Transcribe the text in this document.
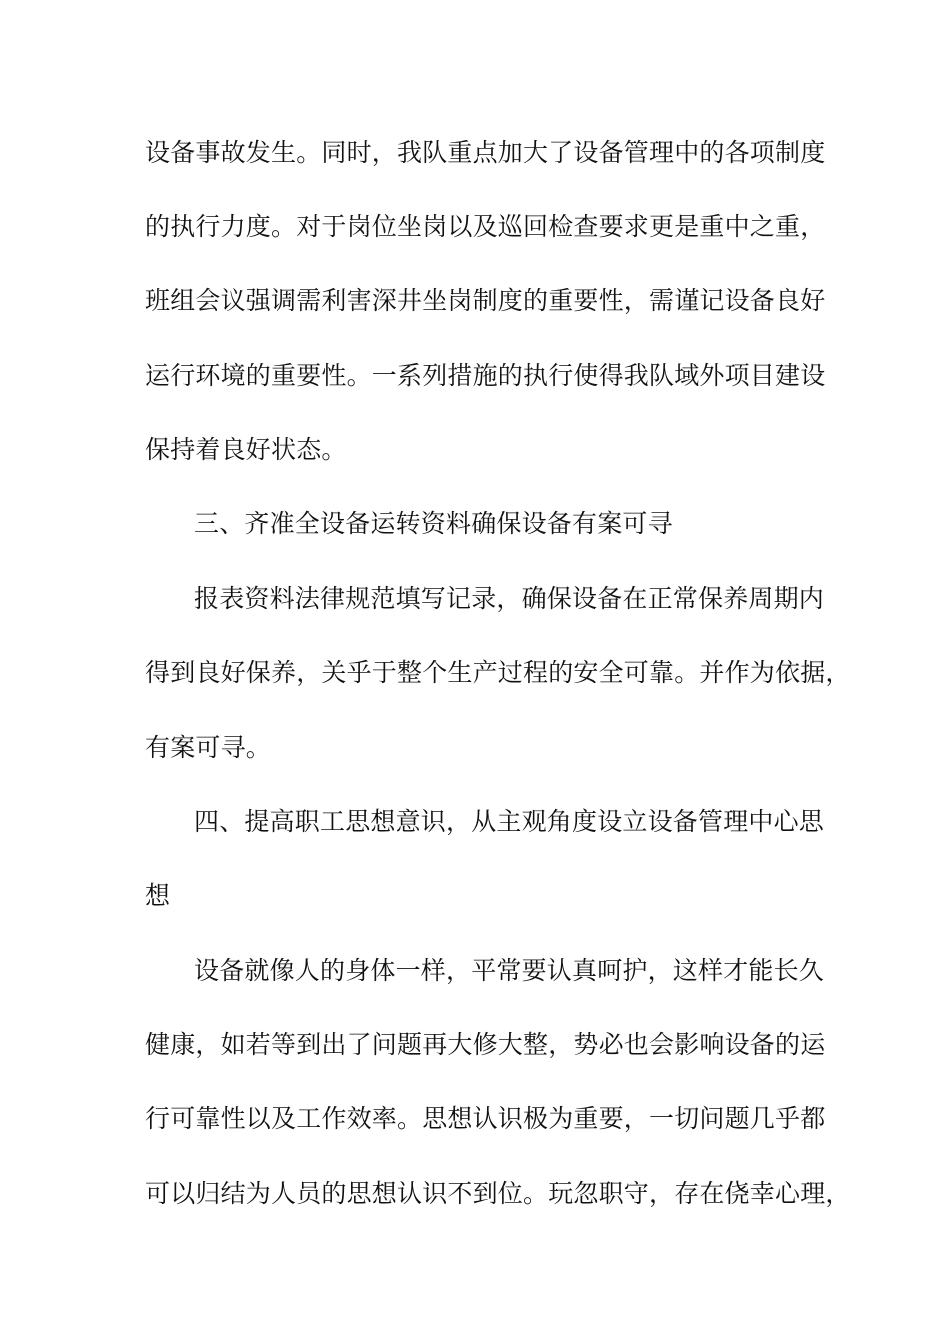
设备事故发生。同时，我队重点加大了设备管理中的各项制度
的执行力度。对于岗位坐岗以及巡回检查要求更是重中之重，
班组会议强调需利害深井坐岗制度的重要性，需谨记设备良好
运行环境的重要性。一系列措施的执行使得我队域外项目建设
保持着良好状态。
三、齐准全设备运转资料确保设备有案可寻
报表资料法律规范填写记录，确保设备在正常保养周期内
得到良好保养，关乎于整个生产过程的安全可靠。并作为依据，
有案可寻。
四、提高职工思想意识，从主观角度设立设备管理中心思
想
设备就像人的身体一样，平常要认真呵护，这样才能长久
健康，如若等到出了问题再大修大整，势必也会影响设备的运
行可靠性以及工作效率。思想认识极为重要，一切问题几乎都
可以归结为人员的思想认识不到位。玩忽职守，存在侥幸心理，
